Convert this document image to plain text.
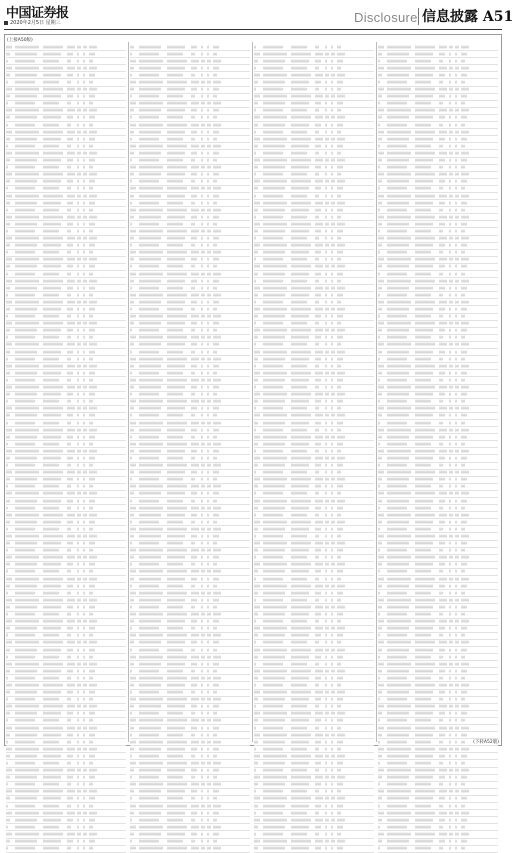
中国证券报
2020年2月5日 星期三	Disclosure 信息披露 A51
(上接A50版)
░░░	░░░░░░░░░░░░	░░░░░░░░░░	░░░░ ░░ ░░ ░░░░
░░	░░░░░░░░░░░	░░░░░░░░░	░░░	░	░	░░░
░	░░░░░░░░░░	░░░░░░░░	░░	░	░	░░
░░░	░░░░░░░░░░░░	░░░░░░░░░░	░░░░ ░░ ░░ ░░░░
░░	░░░░░░░░░░░	░░░░░░░░░	░░░	░	░	░░░
░	░░░░░░░░░░	░░░░░░░░	░░	░	░	░░
░░░	░░░░░░░░░░░░	░░░░░░░░░░	░░░░ ░░ ░░ ░░░░
░░	░░░░░░░░░░░	░░░░░░░░░	░░░	░	░	░░░
░	░░░░░░░░░░	░░░░░░░░	░░	░	░	░░
░░░	░░░░░░░░░░░░	░░░░░░░░░░	░░░░ ░░ ░░ ░░░░
░░	░░░░░░░░░░░	░░░░░░░░░	░░░	░	░	░░░
░	░░░░░░░░░░	░░░░░░░░	░░	░	░	░░
░░░	░░░░░░░░░░░░	░░░░░░░░░░	░░░░ ░░ ░░ ░░░░
░░	░░░░░░░░░░░	░░░░░░░░░	░░░	░	░	░░░
░	░░░░░░░░░░	░░░░░░░░	░░	░	░	░░
░░░	░░░░░░░░░░░░	░░░░░░░░░░	░░░░ ░░ ░░ ░░░░
░░	░░░░░░░░░░░	░░░░░░░░░	░░░	░	░	░░░
░	░░░░░░░░░░	░░░░░░░░	░░	░	░	░░
░░░	░░░░░░░░░░░░	░░░░░░░░░░	░░░░ ░░ ░░ ░░░░
░░	░░░░░░░░░░░	░░░░░░░░░	░░░	░	░	░░░
░	░░░░░░░░░░	░░░░░░░░	░░	░	░	░░
░░░	░░░░░░░░░░░░	░░░░░░░░░░	░░░░ ░░ ░░ ░░░░
░░	░░░░░░░░░░░	░░░░░░░░░	░░░	░	░	░░░
░	░░░░░░░░░░	░░░░░░░░	░░	░	░	░░
░░░	░░░░░░░░░░░░	░░░░░░░░░░	░░░░ ░░ ░░ ░░░░
░░	░░░░░░░░░░░	░░░░░░░░░	░░░	░	░	░░░
░	░░░░░░░░░░	░░░░░░░░	░░	░	░	░░
░░░	░░░░░░░░░░░░	░░░░░░░░░░	░░░░ ░░ ░░ ░░░░
░░	░░░░░░░░░░░	░░░░░░░░░	░░░	░	░	░░░
░	░░░░░░░░░░	░░░░░░░░	░░	░	░	░░
░░░	░░░░░░░░░░░░	░░░░░░░░░░	░░░░ ░░ ░░ ░░░░
░░	░░░░░░░░░░░	░░░░░░░░░	░░░	░	░	░░░
░	░░░░░░░░░░	░░░░░░░░	░░	░	░	░░
░░░	░░░░░░░░░░░░	░░░░░░░░░░	░░░░ ░░ ░░ ░░░░
░░	░░░░░░░░░░░	░░░░░░░░░	░░░	░	░	░░░
░	░░░░░░░░░░	░░░░░░░░	░░	░	░	░░
░░░	░░░░░░░░░░░░	░░░░░░░░░░	░░░░ ░░ ░░ ░░░░
░░	░░░░░░░░░░░	░░░░░░░░░	░░░	░	░	░░░
░	░░░░░░░░░░	░░░░░░░░	░░	░	░	░░
░░░	░░░░░░░░░░░░	░░░░░░░░░░	░░░░ ░░ ░░ ░░░░
░░	░░░░░░░░░░░	░░░░░░░░░	░░░	░	░	░░░
░	░░░░░░░░░░	░░░░░░░░	░░	░	░	░░
░░░	░░░░░░░░░░░░	░░░░░░░░░░	░░░░ ░░ ░░ ░░░░
░░	░░░░░░░░░░░	░░░░░░░░░	░░░	░	░	░░░
░	░░░░░░░░░░	░░░░░░░░	░░	░	░	░░
░░░	░░░░░░░░░░░░	░░░░░░░░░░	░░░░ ░░ ░░ ░░░░
░░	░░░░░░░░░░░	░░░░░░░░░	░░░	░	░	░░░
░	░░░░░░░░░░	░░░░░░░░	░░	░	░	░░
░░░	░░░░░░░░░░░░	░░░░░░░░░░	░░░░ ░░ ░░ ░░░░
░░	░░░░░░░░░░░	░░░░░░░░░	░░░	░	░	░░░
░	░░░░░░░░░░	░░░░░░░░	░░	░	░	░░
░░░	░░░░░░░░░░░░	░░░░░░░░░░	░░░░ ░░ ░░ ░░░░
░░	░░░░░░░░░░░	░░░░░░░░░	░░░	░	░	░░░
░	░░░░░░░░░░	░░░░░░░░	░░	░	░	░░
░░░	░░░░░░░░░░░░	░░░░░░░░░░	░░░░ ░░ ░░ ░░░░
░░	░░░░░░░░░░░	░░░░░░░░░	░░░	░	░	░░░
░	░░░░░░░░░░	░░░░░░░░	░░	░	░	░░
░░░	░░░░░░░░░░░░	░░░░░░░░░░	░░░░ ░░ ░░ ░░░░
░░	░░░░░░░░░░░	░░░░░░░░░	░░░	░	░	░░░
░	░░░░░░░░░░	░░░░░░░░	░░	░	░	░░
░░░	░░░░░░░░░░░░	░░░░░░░░░░	░░░░ ░░ ░░ ░░░░
░░	░░░░░░░░░░░	░░░░░░░░░	░░░	░	░	░░░
░	░░░░░░░░░░	░░░░░░░░	░░	░	░	░░
░░░	░░░░░░░░░░░░	░░░░░░░░░░	░░░░ ░░ ░░ ░░░░
░░	░░░░░░░░░░░	░░░░░░░░░	░░░	░	░	░░░
░	░░░░░░░░░░	░░░░░░░░	░░	░	░	░░
░░░	░░░░░░░░░░░░	░░░░░░░░░░	░░░░ ░░ ░░ ░░░░
░░	░░░░░░░░░░░	░░░░░░░░░	░░░	░	░	░░░
░	░░░░░░░░░░	░░░░░░░░	░░	░	░	░░
░░░	░░░░░░░░░░░░	░░░░░░░░░░	░░░░ ░░ ░░ ░░░░
░░	░░░░░░░░░░░	░░░░░░░░░	░░░	░	░	░░░
░	░░░░░░░░░░	░░░░░░░░	░░	░	░	░░
░░░	░░░░░░░░░░░░	░░░░░░░░░░	░░░░ ░░ ░░ ░░░░
░░	░░░░░░░░░░░	░░░░░░░░░	░░░	░	░	░░░
░	░░░░░░░░░░	░░░░░░░░	░░	░	░	░░
░░░	░░░░░░░░░░░░	░░░░░░░░░░	░░░░ ░░ ░░ ░░░░
░░	░░░░░░░░░░░	░░░░░░░░░	░░░	░	░	░░░
░	░░░░░░░░░░	░░░░░░░░	░░	░	░	░░
░░░	░░░░░░░░░░░░	░░░░░░░░░░	░░░░ ░░ ░░ ░░░░
░░	░░░░░░░░░░░	░░░░░░░░░	░░░	░	░	░░░
░	░░░░░░░░░░	░░░░░░░░	░░	░	░	░░
░░░	░░░░░░░░░░░░	░░░░░░░░░░	░░░░ ░░ ░░ ░░░░
░░	░░░░░░░░░░░	░░░░░░░░░	░░░	░	░	░░░
░	░░░░░░░░░░	░░░░░░░░	░░	░	░	░░
░░░	░░░░░░░░░░░░	░░░░░░░░░░	░░░░ ░░ ░░ ░░░░
░░	░░░░░░░░░░░	░░░░░░░░░	░░░	░	░	░░░
░	░░░░░░░░░░	░░░░░░░░	░░	░	░	░░
░░░	░░░░░░░░░░░░	░░░░░░░░░░	░░░░ ░░ ░░ ░░░░
░░	░░░░░░░░░░░	░░░░░░░░░	░░░	░	░	░░░
░	░░░░░░░░░░	░░░░░░░░	░░	░	░	░░
░░░	░░░░░░░░░░░░	░░░░░░░░░░	░░░░ ░░ ░░ ░░░░
░░	░░░░░░░░░░░	░░░░░░░░░	░░░	░	░	░░░
░	░░░░░░░░░░	░░░░░░░░	░░	░	░	░░
░░░	░░░░░░░░░░░░	░░░░░░░░░░	░░░░ ░░ ░░ ░░░░
░░	░░░░░░░░░░░	░░░░░░░░░	░░░	░	░	░░░
░	░░░░░░░░░░	░░░░░░░░	░░	░	░	░░
░░░	░░░░░░░░░░░░	░░░░░░░░░░	░░░░ ░░ ░░ ░░░░
░░	░░░░░░░░░░░	░░░░░░░░░	░░░	░	░	░░░
░	░░░░░░░░░░	░░░░░░░░	░░	░	░	░░
░░░	░░░░░░░░░░░░	░░░░░░░░░░	░░░░ ░░ ░░ ░░░░
░░	░░░░░░░░░░░	░░░░░░░░░	░░░	░	░	░░░
░	░░░░░░░░░░	░░░░░░░░	░░	░	░	░░
░░░	░░░░░░░░░░░░	░░░░░░░░░░	░░░░ ░░ ░░ ░░░░
░░	░░░░░░░░░░░	░░░░░░░░░	░░░	░	░	░░░
░	░░░░░░░░░░	░░░░░░░░	░░	░	░	░░
░░░	░░░░░░░░░░░░	░░░░░░░░░░	░░░░ ░░ ░░ ░░░░
░░	░░░░░░░░░░░	░░░░░░░░░	░░░	░	░	░░░
░	░░░░░░░░░░	░░░░░░░░	░░	░	░	░░
░░░	░░░░░░░░░░░░	░░░░░░░░░░	░░░░ ░░ ░░ ░░░░
░░	░░░░░░░░░░░	░░░░░░░░░	░░░	░	░	░░░
░	░░░░░░░░░░	░░░░░░░░	░░	░	░	░░
░░░	░░░░░░░░░░░░	░░░░░░░░░░	░░░░ ░░ ░░ ░░░░
░░	░░░░░░░░░░░	░░░░░░░░░	░░░	░	░	░░░
░	░░░░░░░░░░	░░░░░░░░	░░	░	░	░░
░░	░░░░░░░░░░░	░░░░░░░░░	░░░	░	░	░░░
░	░░░░░░░░░░	░░░░░░░░	░░	░	░	░░
░░░	░░░░░░░░░░░░	░░░░░░░░░░	░░░░ ░░ ░░ ░░░░
░░	░░░░░░░░░░░	░░░░░░░░░	░░░	░	░	░░░
░	░░░░░░░░░░	░░░░░░░░	░░	░	░	░░
░░░	░░░░░░░░░░░░	░░░░░░░░░░	░░░░ ░░ ░░ ░░░░
░░	░░░░░░░░░░░	░░░░░░░░░	░░░	░	░	░░░
░	░░░░░░░░░░	░░░░░░░░	░░	░	░	░░
░░░	░░░░░░░░░░░░	░░░░░░░░░░	░░░░ ░░ ░░ ░░░░
░░	░░░░░░░░░░░	░░░░░░░░░	░░░	░	░	░░░
░	░░░░░░░░░░	░░░░░░░░	░░	░	░	░░
░░░	░░░░░░░░░░░░	░░░░░░░░░░	░░░░ ░░ ░░ ░░░░
░░	░░░░░░░░░░░	░░░░░░░░░	░░░	░	░	░░░
░	░░░░░░░░░░	░░░░░░░░	░░	░	░	░░
░░░	░░░░░░░░░░░░	░░░░░░░░░░	░░░░ ░░ ░░ ░░░░
░░	░░░░░░░░░░░	░░░░░░░░░	░░░	░	░	░░░
░	░░░░░░░░░░	░░░░░░░░	░░	░	░	░░
░░░	░░░░░░░░░░░░	░░░░░░░░░░	░░░░ ░░ ░░ ░░░░
░░	░░░░░░░░░░░	░░░░░░░░░	░░░	░	░	░░░
░	░░░░░░░░░░	░░░░░░░░	░░	░	░	░░
░░░	░░░░░░░░░░░░	░░░░░░░░░░	░░░░ ░░ ░░ ░░░░
░░	░░░░░░░░░░░	░░░░░░░░░	░░░	░	░	░░░
░	░░░░░░░░░░	░░░░░░░░	░░	░	░	░░
░░░	░░░░░░░░░░░░	░░░░░░░░░░	░░░░ ░░ ░░ ░░░░
░░	░░░░░░░░░░░	░░░░░░░░░	░░░	░	░	░░░
░	░░░░░░░░░░	░░░░░░░░	░░	░	░	░░
░░░	░░░░░░░░░░░░	░░░░░░░░░░	░░░░ ░░ ░░ ░░░░
░░	░░░░░░░░░░░	░░░░░░░░░	░░░	░	░	░░░
░	░░░░░░░░░░	░░░░░░░░	░░	░	░	░░
░░░	░░░░░░░░░░░░	░░░░░░░░░░	░░░░ ░░ ░░ ░░░░
░░	░░░░░░░░░░░	░░░░░░░░░	░░░	░	░	░░░
░	░░░░░░░░░░	░░░░░░░░	░░	░	░	░░
░░░	░░░░░░░░░░░░	░░░░░░░░░░	░░░░ ░░ ░░ ░░░░
░░	░░░░░░░░░░░	░░░░░░░░░	░░░	░	░	░░░
░	░░░░░░░░░░	░░░░░░░░	░░	░	░	░░
░░░	░░░░░░░░░░░░	░░░░░░░░░░	░░░░ ░░ ░░ ░░░░
░░	░░░░░░░░░░░	░░░░░░░░░	░░░	░	░	░░░
░	░░░░░░░░░░	░░░░░░░░	░░	░	░	░░
░░░	░░░░░░░░░░░░	░░░░░░░░░░	░░░░ ░░ ░░ ░░░░
░░	░░░░░░░░░░░	░░░░░░░░░	░░░	░	░	░░░
░	░░░░░░░░░░	░░░░░░░░	░░	░	░	░░
░░░	░░░░░░░░░░░░	░░░░░░░░░░	░░░░ ░░ ░░ ░░░░
░░	░░░░░░░░░░░	░░░░░░░░░	░░░	░	░	░░░
░	░░░░░░░░░░	░░░░░░░░	░░	░	░	░░
░░░	░░░░░░░░░░░░	░░░░░░░░░░	░░░░ ░░ ░░ ░░░░
░░	░░░░░░░░░░░	░░░░░░░░░	░░░	░	░	░░░
░	░░░░░░░░░░	░░░░░░░░	░░	░	░	░░
░░░	░░░░░░░░░░░░	░░░░░░░░░░	░░░░ ░░ ░░ ░░░░
░░	░░░░░░░░░░░	░░░░░░░░░	░░░	░	░	░░░
░	░░░░░░░░░░	░░░░░░░░	░░	░	░	░░
░░░	░░░░░░░░░░░░	░░░░░░░░░░	░░░░ ░░ ░░ ░░░░
░░	░░░░░░░░░░░	░░░░░░░░░	░░░	░	░	░░░
░	░░░░░░░░░░	░░░░░░░░	░░	░	░	░░
░░░	░░░░░░░░░░░░	░░░░░░░░░░	░░░░ ░░ ░░ ░░░░
░░	░░░░░░░░░░░	░░░░░░░░░	░░░	░	░	░░░
░	░░░░░░░░░░	░░░░░░░░	░░	░	░	░░
░░░	░░░░░░░░░░░░	░░░░░░░░░░	░░░░ ░░ ░░ ░░░░
░░	░░░░░░░░░░░	░░░░░░░░░	░░░	░	░	░░░
░	░░░░░░░░░░	░░░░░░░░	░░	░	░	░░
░░░	░░░░░░░░░░░░	░░░░░░░░░░	░░░░ ░░ ░░ ░░░░
░░	░░░░░░░░░░░	░░░░░░░░░	░░░	░	░	░░░
░	░░░░░░░░░░	░░░░░░░░	░░	░	░	░░
░░░	░░░░░░░░░░░░	░░░░░░░░░░	░░░░ ░░ ░░ ░░░░
░░	░░░░░░░░░░░	░░░░░░░░░	░░░	░	░	░░░
░	░░░░░░░░░░	░░░░░░░░	░░	░	░	░░
░░░	░░░░░░░░░░░░	░░░░░░░░░░	░░░░ ░░ ░░ ░░░░
░░	░░░░░░░░░░░	░░░░░░░░░	░░░	░	░	░░░
░	░░░░░░░░░░	░░░░░░░░	░░	░	░	░░
░░░	░░░░░░░░░░░░	░░░░░░░░░░	░░░░ ░░ ░░ ░░░░
░░	░░░░░░░░░░░	░░░░░░░░░	░░░	░	░	░░░
░	░░░░░░░░░░	░░░░░░░░	░░	░	░	░░
░░░	░░░░░░░░░░░░	░░░░░░░░░░	░░░░ ░░ ░░ ░░░░
░░	░░░░░░░░░░░	░░░░░░░░░	░░░	░	░	░░░
░	░░░░░░░░░░	░░░░░░░░	░░	░	░	░░
░░░	░░░░░░░░░░░░	░░░░░░░░░░	░░░░ ░░ ░░ ░░░░
░░	░░░░░░░░░░░	░░░░░░░░░	░░░	░	░	░░░
░	░░░░░░░░░░	░░░░░░░░	░░	░	░	░░
░░░	░░░░░░░░░░░░	░░░░░░░░░░	░░░░ ░░ ░░ ░░░░
░░	░░░░░░░░░░░	░░░░░░░░░	░░░	░	░	░░░
░	░░░░░░░░░░	░░░░░░░░	░░	░	░	░░
░░░	░░░░░░░░░░░░	░░░░░░░░░░	░░░░ ░░ ░░ ░░░░
░░	░░░░░░░░░░░	░░░░░░░░░	░░░	░	░	░░░
░	░░░░░░░░░░	░░░░░░░░	░░	░	░	░░
░░░	░░░░░░░░░░░░	░░░░░░░░░░	░░░░ ░░ ░░ ░░░░
░░	░░░░░░░░░░░	░░░░░░░░░	░░░	░	░	░░░
░	░░░░░░░░░░	░░░░░░░░	░░	░	░	░░
░░░	░░░░░░░░░░░░	░░░░░░░░░░	░░░░ ░░ ░░ ░░░░
░░	░░░░░░░░░░░	░░░░░░░░░	░░░	░	░	░░░
░	░░░░░░░░░░	░░░░░░░░	░░	░	░	░░
░░░	░░░░░░░░░░░░	░░░░░░░░░░	░░░░ ░░ ░░ ░░░░
░░	░░░░░░░░░░░	░░░░░░░░░	░░░	░	░	░░░
░	░░░░░░░░░░	░░░░░░░░	░░	░	░	░░
░░░	░░░░░░░░░░░░	░░░░░░░░░░	░░░░ ░░ ░░ ░░░░
░░	░░░░░░░░░░░	░░░░░░░░░	░░░	░	░	░░░
░	░░░░░░░░░░	░░░░░░░░	░░	░	░	░░
░░░	░░░░░░░░░░░░	░░░░░░░░░░	░░░░ ░░ ░░ ░░░░
░░	░░░░░░░░░░░	░░░░░░░░░	░░░	░	░	░░░
░	░░░░░░░░░░	░░░░░░░░	░░	░	░	░░
░░░	░░░░░░░░░░░░	░░░░░░░░░░	░░░░ ░░ ░░ ░░░░
░░	░░░░░░░░░░░	░░░░░░░░░	░░░	░	░	░░░
░	░░░░░░░░░░	░░░░░░░░	░░	░	░	░░
░░░	░░░░░░░░░░░░	░░░░░░░░░░	░░░░ ░░ ░░ ░░░░
░░	░░░░░░░░░░░	░░░░░░░░░	░░░	░	░	░░░
░	░░░░░░░░░░	░░░░░░░░	░░	░	░	░░
░░░	░░░░░░░░░░░░	░░░░░░░░░░	░░░░ ░░ ░░ ░░░░
░░	░░░░░░░░░░░	░░░░░░░░░	░░░	░	░	░░░
░	░░░░░░░░░░	░░░░░░░░	░░	░	░	░░
░░░	░░░░░░░░░░░░	░░░░░░░░░░	░░░░ ░░ ░░ ░░░░
░░	░░░░░░░░░░░	░░░░░░░░░	░░░	░	░	░░░
░	░░░░░░░░░░	░░░░░░░░	░░	░	░	░░
░░░	░░░░░░░░░░░░	░░░░░░░░░░	░░░░ ░░ ░░ ░░░░
░░	░░░░░░░░░░░	░░░░░░░░░	░░░	░	░	░░░
░	░░░░░░░░░░	░░░░░░░░	░░	░	░	░░
░░░	░░░░░░░░░░░░	░░░░░░░░░░	░░░░ ░░ ░░ ░░░░
░	░░░░░░░░░░	░░░░░░░░	░░	░	░	░░
░░░	░░░░░░░░░░░░	░░░░░░░░░░	░░░░ ░░ ░░ ░░░░
░░	░░░░░░░░░░░	░░░░░░░░░	░░░	░	░	░░░
░	░░░░░░░░░░	░░░░░░░░	░░	░	░	░░
░░░	░░░░░░░░░░░░	░░░░░░░░░░	░░░░ ░░ ░░ ░░░░
░░	░░░░░░░░░░░	░░░░░░░░░	░░░	░	░	░░░
░	░░░░░░░░░░	░░░░░░░░	░░	░	░	░░
░░░	░░░░░░░░░░░░	░░░░░░░░░░	░░░░ ░░ ░░ ░░░░
░░	░░░░░░░░░░░	░░░░░░░░░	░░░	░	░	░░░
░	░░░░░░░░░░	░░░░░░░░	░░	░	░	░░
░░░	░░░░░░░░░░░░	░░░░░░░░░░	░░░░ ░░ ░░ ░░░░
░░	░░░░░░░░░░░	░░░░░░░░░	░░░	░	░	░░░
░	░░░░░░░░░░	░░░░░░░░	░░	░	░	░░
░░░	░░░░░░░░░░░░	░░░░░░░░░░	░░░░ ░░ ░░ ░░░░
░░	░░░░░░░░░░░	░░░░░░░░░	░░░	░	░	░░░
░	░░░░░░░░░░	░░░░░░░░	░░	░	░	░░
░░░	░░░░░░░░░░░░	░░░░░░░░░░	░░░░ ░░ ░░ ░░░░
░░	░░░░░░░░░░░	░░░░░░░░░	░░░	░	░	░░░
░	░░░░░░░░░░	░░░░░░░░	░░	░	░	░░
░░░	░░░░░░░░░░░░	░░░░░░░░░░	░░░░ ░░ ░░ ░░░░
░░	░░░░░░░░░░░	░░░░░░░░░	░░░	░	░	░░░
░	░░░░░░░░░░	░░░░░░░░	░░	░	░	░░
░░░	░░░░░░░░░░░░	░░░░░░░░░░	░░░░ ░░ ░░ ░░░░
░░	░░░░░░░░░░░	░░░░░░░░░	░░░	░	░	░░░
░	░░░░░░░░░░	░░░░░░░░	░░	░	░	░░
░░░	░░░░░░░░░░░░	░░░░░░░░░░	░░░░ ░░ ░░ ░░░░
░░	░░░░░░░░░░░	░░░░░░░░░	░░░	░	░	░░░
░	░░░░░░░░░░	░░░░░░░░	░░	░	░	░░
░░░	░░░░░░░░░░░░	░░░░░░░░░░	░░░░ ░░ ░░ ░░░░
░░	░░░░░░░░░░░	░░░░░░░░░	░░░	░	░	░░░
░	░░░░░░░░░░	░░░░░░░░	░░	░	░	░░
░░░	░░░░░░░░░░░░	░░░░░░░░░░	░░░░ ░░ ░░ ░░░░
░░	░░░░░░░░░░░	░░░░░░░░░	░░░	░	░	░░░
░	░░░░░░░░░░	░░░░░░░░	░░	░	░	░░
░░░	░░░░░░░░░░░░	░░░░░░░░░░	░░░░ ░░ ░░ ░░░░
░░	░░░░░░░░░░░	░░░░░░░░░	░░░	░	░	░░░
░	░░░░░░░░░░	░░░░░░░░	░░	░	░	░░
░░░	░░░░░░░░░░░░	░░░░░░░░░░	░░░░ ░░ ░░ ░░░░
░░	░░░░░░░░░░░	░░░░░░░░░	░░░	░	░	░░░
░	░░░░░░░░░░	░░░░░░░░	░░	░	░	░░
░░░	░░░░░░░░░░░░	░░░░░░░░░░	░░░░ ░░ ░░ ░░░░
░░	░░░░░░░░░░░	░░░░░░░░░	░░░	░	░	░░░
░	░░░░░░░░░░	░░░░░░░░	░░	░	░	░░
░░░	░░░░░░░░░░░░	░░░░░░░░░░	░░░░ ░░ ░░ ░░░░
░░	░░░░░░░░░░░	░░░░░░░░░	░░░	░	░	░░░
░	░░░░░░░░░░	░░░░░░░░	░░	░	░	░░
░░░	░░░░░░░░░░░░	░░░░░░░░░░	░░░░ ░░ ░░ ░░░░
░░	░░░░░░░░░░░	░░░░░░░░░	░░░	░	░	░░░
░	░░░░░░░░░░	░░░░░░░░	░░	░	░	░░
░░░	░░░░░░░░░░░░	░░░░░░░░░░	░░░░ ░░ ░░ ░░░░
░░	░░░░░░░░░░░	░░░░░░░░░	░░░	░	░	░░░
░	░░░░░░░░░░	░░░░░░░░	░░	░	░	░░
░░░	░░░░░░░░░░░░	░░░░░░░░░░	░░░░ ░░ ░░ ░░░░
░░	░░░░░░░░░░░	░░░░░░░░░	░░░	░	░	░░░
░	░░░░░░░░░░	░░░░░░░░	░░	░	░	░░
░░░	░░░░░░░░░░░░	░░░░░░░░░░	░░░░ ░░ ░░ ░░░░
░░	░░░░░░░░░░░	░░░░░░░░░	░░░	░	░	░░░
░	░░░░░░░░░░	░░░░░░░░	░░	░	░	░░
░░░	░░░░░░░░░░░░	░░░░░░░░░░	░░░░ ░░ ░░ ░░░░
░░	░░░░░░░░░░░	░░░░░░░░░	░░░	░	░	░░░
░	░░░░░░░░░░	░░░░░░░░	░░	░	░	░░
░░░	░░░░░░░░░░░░	░░░░░░░░░░	░░░░ ░░ ░░ ░░░░
░░	░░░░░░░░░░░	░░░░░░░░░	░░░	░	░	░░░
░	░░░░░░░░░░	░░░░░░░░	░░	░	░	░░
░░░	░░░░░░░░░░░░	░░░░░░░░░░	░░░░ ░░ ░░ ░░░░
░░	░░░░░░░░░░░	░░░░░░░░░	░░░	░	░	░░░
░	░░░░░░░░░░	░░░░░░░░	░░	░	░	░░
░░░	░░░░░░░░░░░░	░░░░░░░░░░	░░░░ ░░ ░░ ░░░░
░░	░░░░░░░░░░░	░░░░░░░░░	░░░	░	░	░░░
░	░░░░░░░░░░	░░░░░░░░	░░	░	░	░░
░░░	░░░░░░░░░░░░	░░░░░░░░░░	░░░░ ░░ ░░ ░░░░
░░	░░░░░░░░░░░	░░░░░░░░░	░░░	░	░	░░░
░	░░░░░░░░░░	░░░░░░░░	░░	░	░	░░
░░░	░░░░░░░░░░░░	░░░░░░░░░░	░░░░ ░░ ░░ ░░░░
░░	░░░░░░░░░░░	░░░░░░░░░	░░░	░	░	░░░
░	░░░░░░░░░░	░░░░░░░░	░░	░	░	░░
░░░	░░░░░░░░░░░░	░░░░░░░░░░	░░░░ ░░ ░░ ░░░░
░░	░░░░░░░░░░░	░░░░░░░░░	░░░	░	░	░░░
░	░░░░░░░░░░	░░░░░░░░	░░	░	░	░░
░░░	░░░░░░░░░░░░	░░░░░░░░░░	░░░░ ░░ ░░ ░░░░
░░	░░░░░░░░░░░	░░░░░░░░░	░░░	░	░	░░░
░	░░░░░░░░░░	░░░░░░░░	░░	░	░	░░
░░░	░░░░░░░░░░░░	░░░░░░░░░░	░░░░ ░░ ░░ ░░░░
░░	░░░░░░░░░░░	░░░░░░░░░	░░░	░	░	░░░
░	░░░░░░░░░░	░░░░░░░░	░░	░	░	░░
░░░	░░░░░░░░░░░░	░░░░░░░░░░	░░░░ ░░ ░░ ░░░░
░░	░░░░░░░░░░░	░░░░░░░░░	░░░	░	░	░░░
░	░░░░░░░░░░	░░░░░░░░	░░	░	░	░░
░░░	░░░░░░░░░░░░	░░░░░░░░░░	░░░░ ░░ ░░ ░░░░
░░	░░░░░░░░░░░	░░░░░░░░░	░░░	░	░	░░░
░	░░░░░░░░░░	░░░░░░░░	░░	░	░	░░
░░░	░░░░░░░░░░░░	░░░░░░░░░░	░░░░ ░░ ░░ ░░░░
░░	░░░░░░░░░░░	░░░░░░░░░	░░░	░	░	░░░
░	░░░░░░░░░░	░░░░░░░░	░░	░	░	░░
░░░	░░░░░░░░░░░░	░░░░░░░░░░	░░░░ ░░ ░░ ░░░░
░░	░░░░░░░░░░░	░░░░░░░░░	░░░	░	░	░░░
░	░░░░░░░░░░	░░░░░░░░	░░	░	░	░░
░░░	░░░░░░░░░░░░	░░░░░░░░░░	░░░░ ░░ ░░ ░░░░
░░	░░░░░░░░░░░	░░░░░░░░░	░░░	░	░	░░░
░	░░░░░░░░░░	░░░░░░░░	░░	░	░	░░
░░░	░░░░░░░░░░░░	░░░░░░░░░░	░░░░ ░░ ░░ ░░░░
░░	░░░░░░░░░░░	░░░░░░░░░	░░░	░	░	░░░
░	░░░░░░░░░░	░░░░░░░░	░░	░	░	░░
░░░	░░░░░░░░░░░░	░░░░░░░░░░	░░░░ ░░ ░░ ░░░░
░░	░░░░░░░░░░░	░░░░░░░░░	░░░	░	░	░░░
░	░░░░░░░░░░	░░░░░░░░	░░	░	░	░░
░░░	░░░░░░░░░░░░	░░░░░░░░░░	░░░░ ░░ ░░ ░░░░
░░	░░░░░░░░░░░	░░░░░░░░░	░░░	░	░	░░░
░	░░░░░░░░░░	░░░░░░░░	░░	░	░	░░
░░░	░░░░░░░░░░░░	░░░░░░░░░░	░░░░ ░░ ░░ ░░░░
░░	░░░░░░░░░░░	░░░░░░░░░	░░░	░	░	░░░
░	░░░░░░░░░░	░░░░░░░░	░░	░	░	░░
░░░	░░░░░░░░░░░░	░░░░░░░░░░	░░░░ ░░ ░░ ░░░░
░░	░░░░░░░░░░░	░░░░░░░░░	░░░	░	░	░░░
░░░	░░░░░░░░░░░░	░░░░░░░░░░	░░░░ ░░ ░░ ░░░░
░░	░░░░░░░░░░░	░░░░░░░░░	░░░	░	░	░░░
░	░░░░░░░░░░	░░░░░░░░	░░	░	░	░░
░░░	░░░░░░░░░░░░	░░░░░░░░░░	░░░░ ░░ ░░ ░░░░
░░	░░░░░░░░░░░	░░░░░░░░░	░░░	░	░	░░░
░	░░░░░░░░░░	░░░░░░░░	░░	░	░	░░
░░░	░░░░░░░░░░░░	░░░░░░░░░░	░░░░ ░░ ░░ ░░░░
░░	░░░░░░░░░░░	░░░░░░░░░	░░░	░	░	░░░
░	░░░░░░░░░░	░░░░░░░░	░░	░	░	░░
░░░	░░░░░░░░░░░░	░░░░░░░░░░	░░░░ ░░ ░░ ░░░░
░░	░░░░░░░░░░░	░░░░░░░░░	░░░	░	░	░░░
░	░░░░░░░░░░	░░░░░░░░	░░	░	░	░░
░░░	░░░░░░░░░░░░	░░░░░░░░░░	░░░░ ░░ ░░ ░░░░
░░	░░░░░░░░░░░	░░░░░░░░░	░░░	░	░	░░░
░	░░░░░░░░░░	░░░░░░░░	░░	░	░	░░
░░░	░░░░░░░░░░░░	░░░░░░░░░░	░░░░ ░░ ░░ ░░░░
░░	░░░░░░░░░░░	░░░░░░░░░	░░░	░	░	░░░
░	░░░░░░░░░░	░░░░░░░░	░░	░	░	░░
░░░	░░░░░░░░░░░░	░░░░░░░░░░	░░░░ ░░ ░░ ░░░░
░░	░░░░░░░░░░░	░░░░░░░░░	░░░	░	░	░░░
░	░░░░░░░░░░	░░░░░░░░	░░	░	░	░░
░░░	░░░░░░░░░░░░	░░░░░░░░░░	░░░░ ░░ ░░ ░░░░
░░	░░░░░░░░░░░	░░░░░░░░░	░░░	░	░	░░░
░	░░░░░░░░░░	░░░░░░░░	░░	░	░	░░
░░░	░░░░░░░░░░░░	░░░░░░░░░░	░░░░ ░░ ░░ ░░░░
░░	░░░░░░░░░░░	░░░░░░░░░	░░░	░	░	░░░
░	░░░░░░░░░░	░░░░░░░░	░░	░	░	░░
░░░	░░░░░░░░░░░░	░░░░░░░░░░	░░░░ ░░ ░░ ░░░░
░░	░░░░░░░░░░░	░░░░░░░░░	░░░	░	░	░░░
░	░░░░░░░░░░	░░░░░░░░	░░	░	░	░░
░░░	░░░░░░░░░░░░	░░░░░░░░░░	░░░░ ░░ ░░ ░░░░
░░	░░░░░░░░░░░	░░░░░░░░░	░░░	░	░	░░░
░	░░░░░░░░░░	░░░░░░░░	░░	░	░	░░
░░░	░░░░░░░░░░░░	░░░░░░░░░░	░░░░ ░░ ░░ ░░░░
░░	░░░░░░░░░░░	░░░░░░░░░	░░░	░	░	░░░
░	░░░░░░░░░░	░░░░░░░░	░░	░	░	░░
░░░	░░░░░░░░░░░░	░░░░░░░░░░	░░░░ ░░ ░░ ░░░░
░░	░░░░░░░░░░░	░░░░░░░░░	░░░	░	░	░░░
░	░░░░░░░░░░	░░░░░░░░	░░	░	░	░░
░░░	░░░░░░░░░░░░	░░░░░░░░░░	░░░░ ░░ ░░ ░░░░
░░	░░░░░░░░░░░	░░░░░░░░░	░░░	░	░	░░░
░	░░░░░░░░░░	░░░░░░░░	░░	░	░	░░
░░░	░░░░░░░░░░░░	░░░░░░░░░░	░░░░ ░░ ░░ ░░░░
░░	░░░░░░░░░░░	░░░░░░░░░	░░░	░	░	░░░
░	░░░░░░░░░░	░░░░░░░░	░░	░	░	░░
░░░	░░░░░░░░░░░░	░░░░░░░░░░	░░░░ ░░ ░░ ░░░░
░░	░░░░░░░░░░░	░░░░░░░░░	░░░	░	░	░░░
░	░░░░░░░░░░	░░░░░░░░	░░	░	░	░░
░░░	░░░░░░░░░░░░	░░░░░░░░░░	░░░░ ░░ ░░ ░░░░
░░	░░░░░░░░░░░	░░░░░░░░░	░░░	░	░	░░░
░	░░░░░░░░░░	░░░░░░░░	░░	░	░	░░
░░░	░░░░░░░░░░░░	░░░░░░░░░░	░░░░ ░░ ░░ ░░░░
░░	░░░░░░░░░░░	░░░░░░░░░	░░░	░	░	░░░
░	░░░░░░░░░░	░░░░░░░░	░░	░	░	░░
░░░	░░░░░░░░░░░░	░░░░░░░░░░	░░░░ ░░ ░░ ░░░░
░░	░░░░░░░░░░░	░░░░░░░░░	░░░	░	░	░░░
░	░░░░░░░░░░	░░░░░░░░	░░	░	░	░░
░░░	░░░░░░░░░░░░	░░░░░░░░░░	░░░░ ░░ ░░ ░░░░
░░	░░░░░░░░░░░	░░░░░░░░░	░░░	░	░	░░░
░	░░░░░░░░░░	░░░░░░░░	░░	░	░	░░
░░░	░░░░░░░░░░░░	░░░░░░░░░░	░░░░ ░░ ░░ ░░░░
░░	░░░░░░░░░░░	░░░░░░░░░	░░░	░	░	░░░
░	░░░░░░░░░░	░░░░░░░░	░░	░	░	░░
░░░	░░░░░░░░░░░░	░░░░░░░░░░	░░░░ ░░ ░░ ░░░░
░░	░░░░░░░░░░░	░░░░░░░░░	░░░	░	░	░░░
░	░░░░░░░░░░	░░░░░░░░	░░	░	░	░░
░░░	░░░░░░░░░░░░	░░░░░░░░░░	░░░░ ░░ ░░ ░░░░
░░	░░░░░░░░░░░	░░░░░░░░░	░░░	░	░	░░░
░	░░░░░░░░░░	░░░░░░░░	░░	░	░	░░
░░░	░░░░░░░░░░░░	░░░░░░░░░░	░░░░ ░░ ░░ ░░░░
░░	░░░░░░░░░░░	░░░░░░░░░	░░░	░	░	░░░
░	░░░░░░░░░░	░░░░░░░░	░░	░	░	░░
░░░	░░░░░░░░░░░░	░░░░░░░░░░	░░░░ ░░ ░░ ░░░░
░░	░░░░░░░░░░░	░░░░░░░░░	░░░	░	░	░░░
░	░░░░░░░░░░	░░░░░░░░	░░	░	░	░░
░░░	░░░░░░░░░░░░	░░░░░░░░░░	░░░░ ░░ ░░ ░░░░
░░	░░░░░░░░░░░	░░░░░░░░░	░░░	░	░	░░░
░	░░░░░░░░░░	░░░░░░░░	░░	░	░	░░
░░░	░░░░░░░░░░░░	░░░░░░░░░░	░░░░ ░░ ░░ ░░░░
░░	░░░░░░░░░░░	░░░░░░░░░	░░░	░	░	░░░
░	░░░░░░░░░░	░░░░░░░░	░░	░	░	░░
░░░	░░░░░░░░░░░░	░░░░░░░░░░	░░░░ ░░ ░░ ░░░░
░░	░░░░░░░░░░░	░░░░░░░░░	░░░	░	░	░░░
░	░░░░░░░░░░	░░░░░░░░	░░	░	░	░░
░░░	░░░░░░░░░░░░	░░░░░░░░░░	░░░░ ░░ ░░ ░░░░
░░	░░░░░░░░░░░	░░░░░░░░░	░░░	░	░	░░░
░	░░░░░░░░░░	░░░░░░░░	░░	░	░	░░
░░░	░░░░░░░░░░░░	░░░░░░░░░░	░░░░ ░░ ░░ ░░░░
░░	░░░░░░░░░░░	░░░░░░░░░	░░░	░	░	░░░
░	░░░░░░░░░░	░░░░░░░░	░░	░	░	░░
░░░	░░░░░░░░░░░░	░░░░░░░░░░	░░░░ ░░ ░░ ░░░░
░░	░░░░░░░░░░░	░░░░░░░░░	░░░	░	░	░░░
░	░░░░░░░░░░	░░░░░░░░	░░	░	░	░░
░░░	░░░░░░░░░░░░	░░░░░░░░░░	░░░░ ░░ ░░ ░░░░
░░	░░░░░░░░░░░	░░░░░░░░░	░░░	░	░	░░░
░	░░░░░░░░░░	░░░░░░░░	░░	░	░	░░
░░░	░░░░░░░░░░░░	░░░░░░░░░░	░░░░ ░░ ░░ ░░░░
░░	░░░░░░░░░░░	░░░░░░░░░	░░░	░	░	░░░
░	░░░░░░░░░░	░░░░░░░░	░░	░	░	░░
░░░	░░░░░░░░░░░░	░░░░░░░░░░	░░░░ ░░ ░░ ░░░░
░░	░░░░░░░░░░░	░░░░░░░░░	░░░	░	░	░░░
░	░░░░░░░░░░	░░░░░░░░	░░	░	░	░░
░░░	░░░░░░░░░░░░	░░░░░░░░░░	░░░░ ░░ ░░ ░░░░
░░	░░░░░░░░░░░	░░░░░░░░░	░░░	░	░	░░░
░	░░░░░░░░░░	░░░░░░░░	░░	░	░	░░
░░░	░░░░░░░░░░░░	░░░░░░░░░░	░░░░ ░░ ░░ ░░░░
░░	░░░░░░░░░░░	░░░░░░░░░	░░░	░	░	░░░
░	░░░░░░░░░░	░░░░░░░░	░░	░	░	░░
░░░	░░░░░░░░░░░░	░░░░░░░░░░	░░░░ ░░ ░░ ░░░░
░░	░░░░░░░░░░░	░░░░░░░░░	░░░	░	░	░░░
░	░░░░░░░░░░	░░░░░░░░	░░	░	░	░░
░░░	░░░░░░░░░░░░	░░░░░░░░░░	░░░░ ░░ ░░ ░░░░
░░	░░░░░░░░░░░	░░░░░░░░░	░░░	░	░	░░░
░	░░░░░░░░░░	░░░░░░░░	░░	░	░	░░
(下转A52版)
